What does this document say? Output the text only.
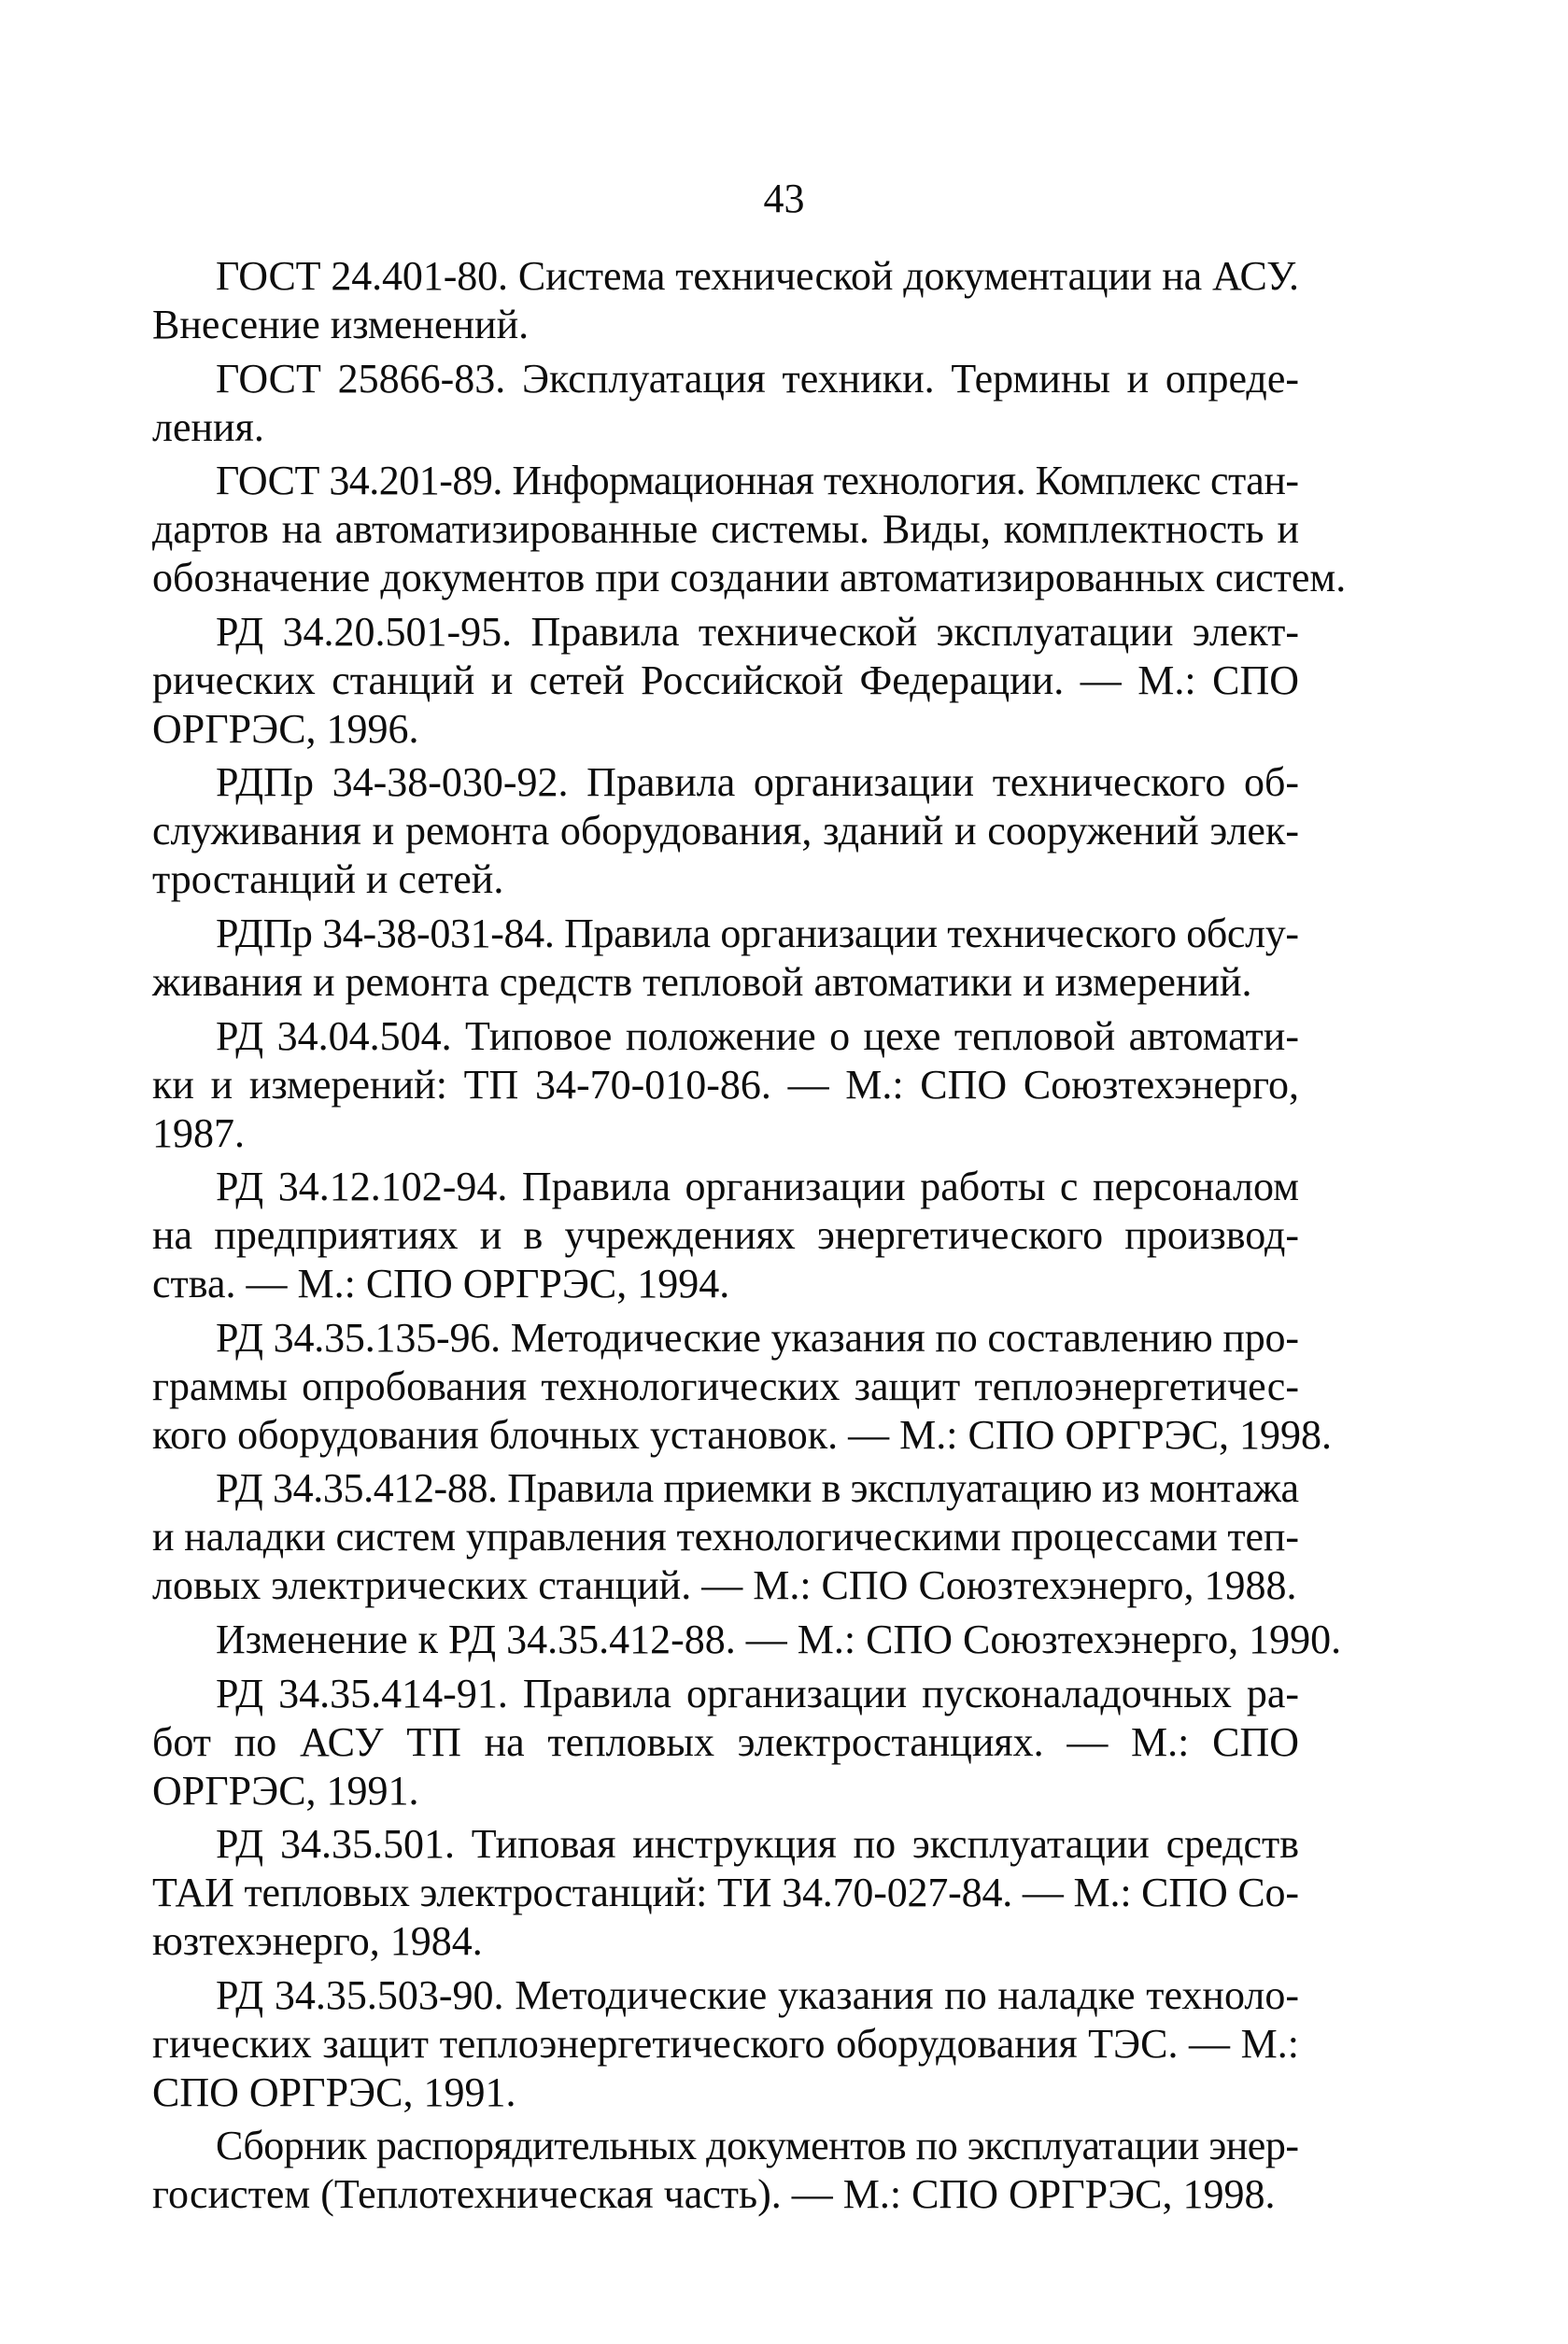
43

ГОСТ 24.401-80. Система технической документации на АСУ.
Внесение изменений.

ГОСТ 25866-83. Эксплуатация техники. Термины и опреде-
ления.

ГОСТ 34.201-89. Информационная технология. Комплекс стан-
дартов на автоматизированные системы. Виды, комплектность и
обозначение документов при создании автоматизированных систем.

РД 34.20.501-95. Правила технической эксплуатации элект-
рических станций и сетей Российской Федерации. — М.: СПО
ОРГРЭС, 1996.

РДПр 34-38-030-92. Правила организации технического об-
служивания и ремонта оборудования, зданий и сооружений элек-
тростанций и сетей.

РДПр 34-38-031-84. Правила организации технического обслу-
живания и ремонта средств тепловой автоматики и измерений.

РД 34.04.504. Типовое положение о цехе тепловой автомати-
ки и измерений: ТП 34-70-010-86. — М.: СПО Союзтехэнерго,
1987.

РД 34.12.102-94. Правила организации работы с персоналом
на предприятиях и в учреждениях энергетического производ-
ства. — М.: СПО ОРГРЭС, 1994.

РД 34.35.135-96. Методические указания по составлению про-
граммы опробования технологических защит теплоэнергетичес-
кого оборудования блочных установок. — М.: СПО ОРГРЭС, 1998.

РД 34.35.412-88. Правила приемки в эксплуатацию из монтажа
и наладки систем управления технологическими процессами теп-
ловых электрических станций. — М.: СПО Союзтехэнерго, 1988.

Изменение к РД 34.35.412-88. — М.: СПО Союзтехэнерго, 1990.

РД 34.35.414-91. Правила организации пусконаладочных ра-
бот по АСУ ТП на тепловых электростанциях. — М.: СПО
ОРГРЭС, 1991.

РД 34.35.501. Типовая инструкция по эксплуатации средств
ТАИ тепловых электростанций: ТИ 34.70-027-84. — М.: СПО Со-
юзтехэнерго, 1984.

РД 34.35.503-90. Методические указания по наладке техноло-
гических защит теплоэнергетического оборудования ТЭС. — М.:
СПО ОРГРЭС, 1991.

Сборник распорядительных документов по эксплуатации энер-
госистем (Теплотехническая часть). — М.: СПО ОРГРЭС, 1998.
